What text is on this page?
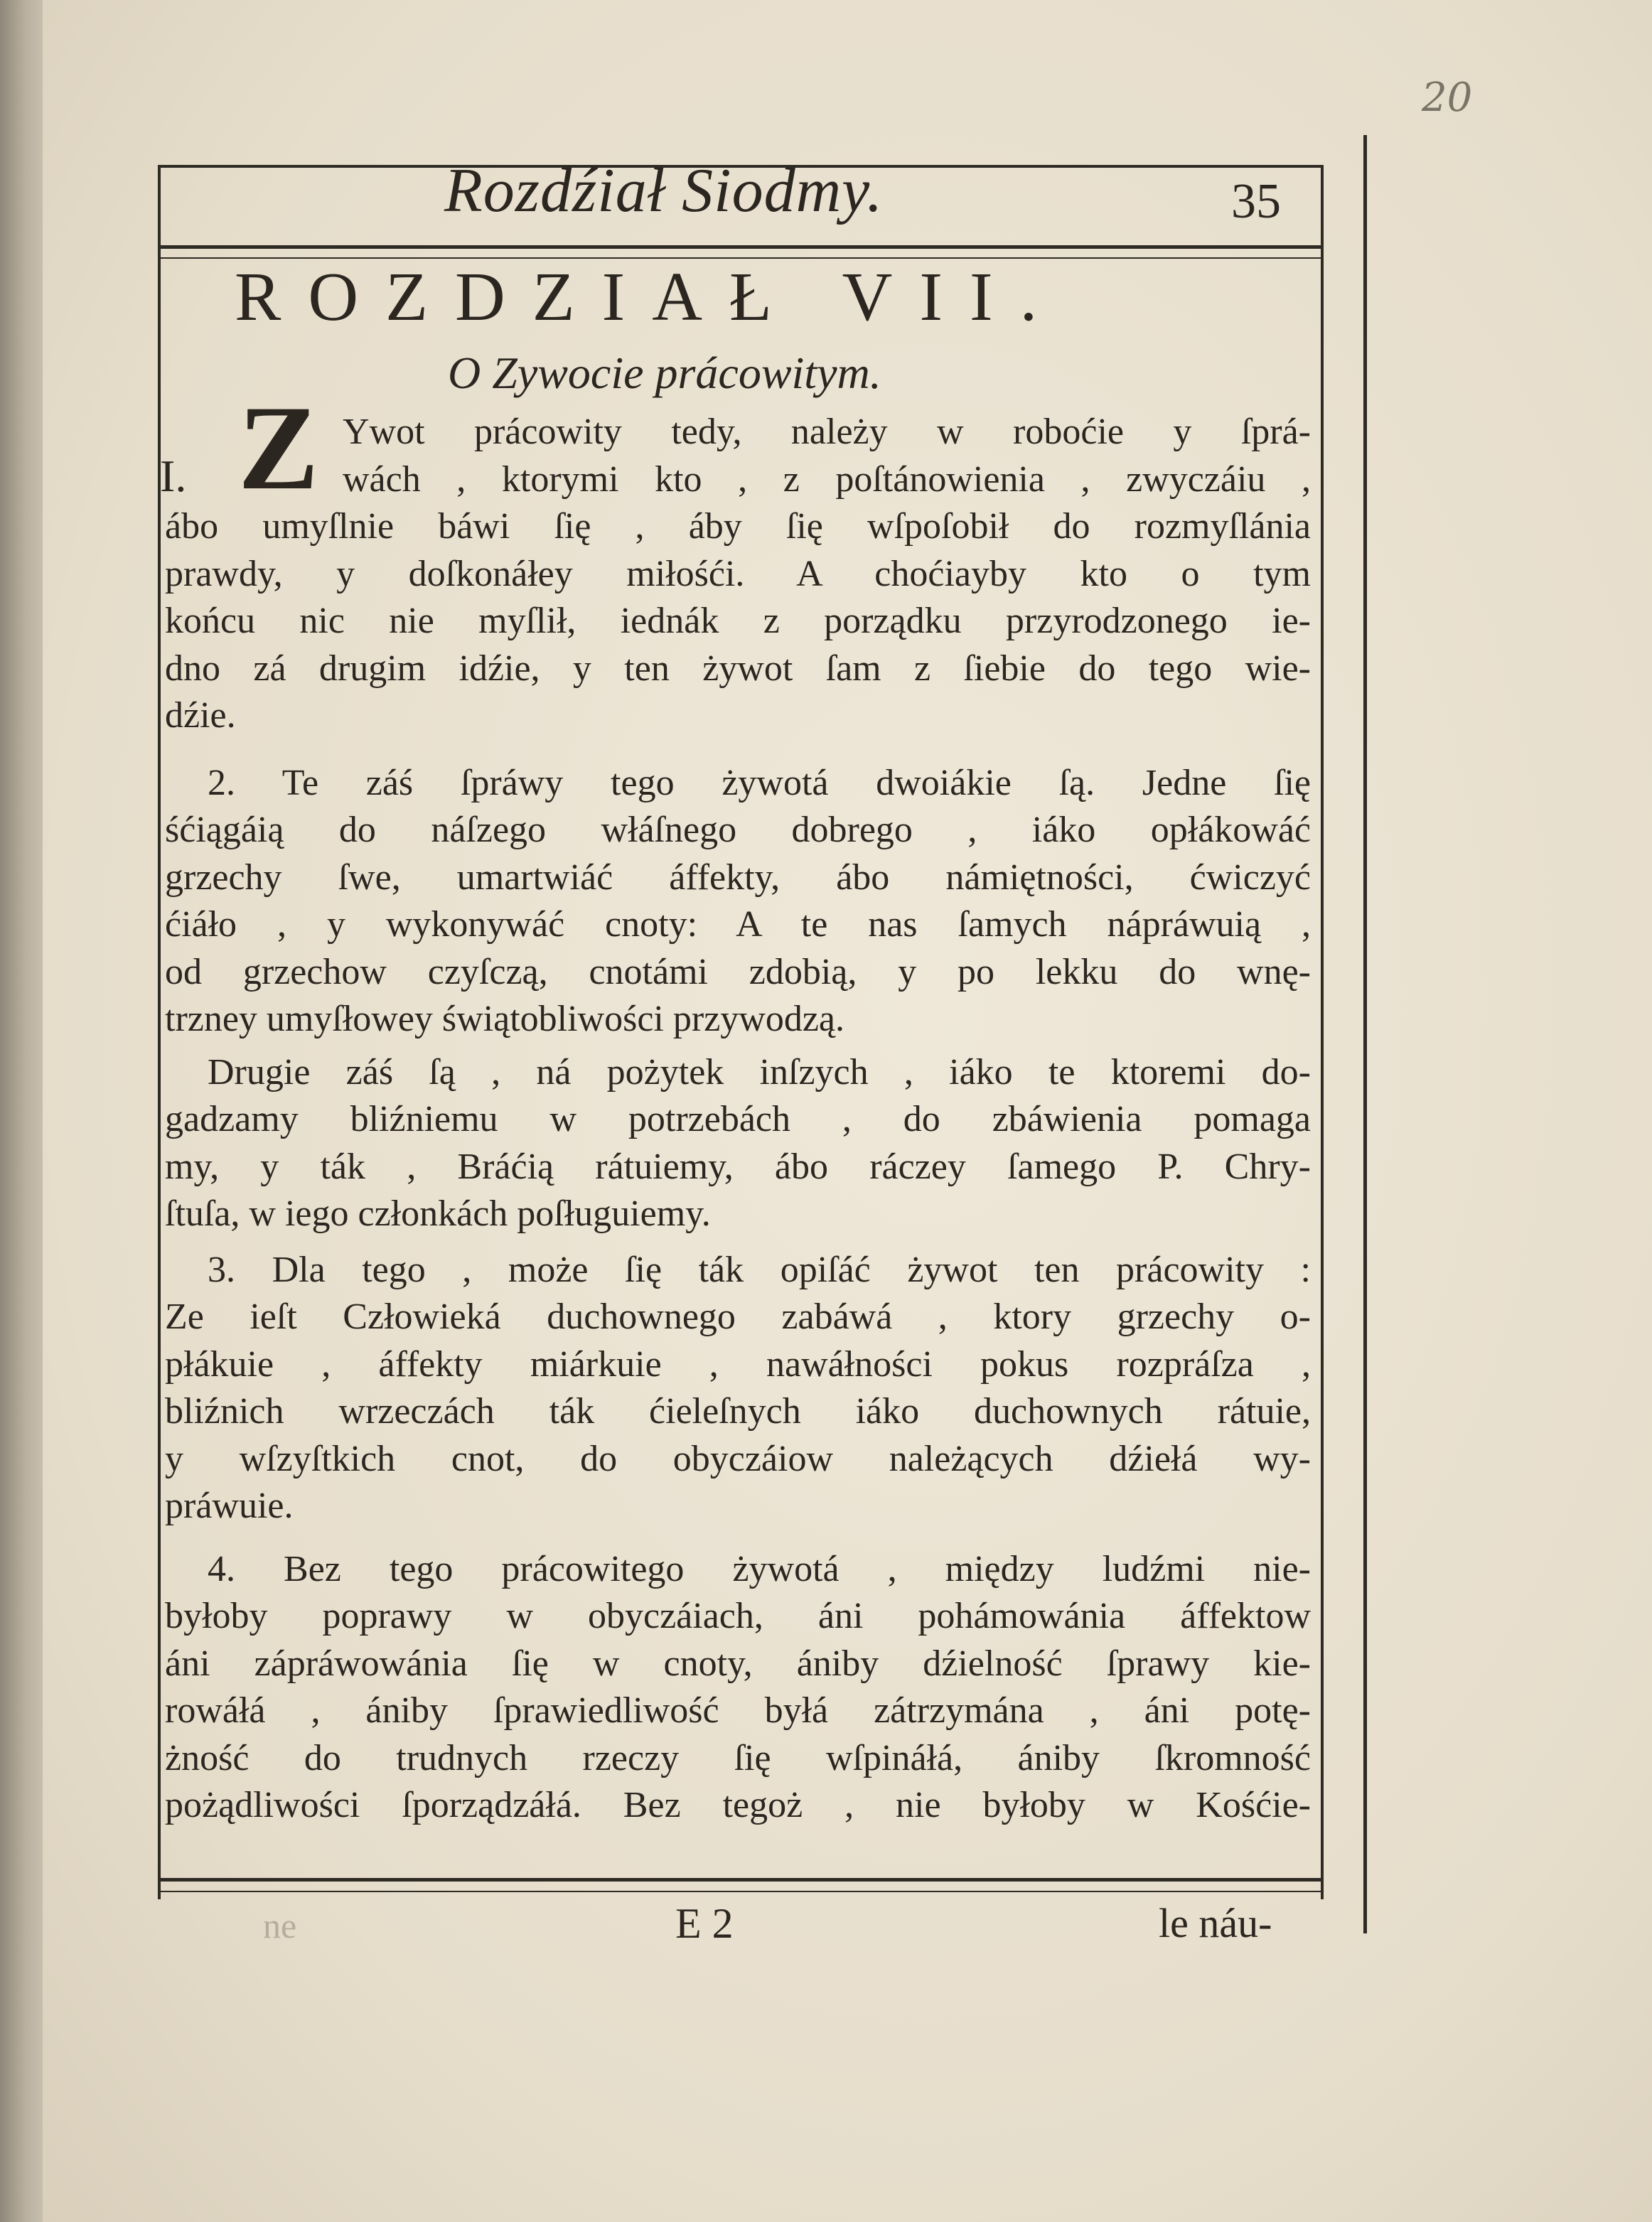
20
Rozdźiał Siodmy.	35
ROZDZIAŁ VII.
O Zywocie prácowitym.
I. Z Ywot prácowity tedy, należy w roboćie y ſprá-
wách , ktorymi kto , z poſtánowienia , zwyczáiu ,
ábo umyſlnie báwi ſię , áby ſię wſpoſobił do rozmyſlánia
prawdy, y doſkonáłey miłośći. A choćiayby kto o tym
końcu nic nie myſlił, iednák z porządku przyrodzonego ie-
dno zá drugim idźie, y ten żywot ſam z ſiebie do tego wie-
dźie.
2. Te záś ſpráwy tego żywotá dwoiákie ſą. Jedne ſię
śćiągáią do náſzego włáſnego dobrego , iáko opłákowáć
grzechy ſwe, umartwiáć áffekty, ábo námiętności, ćwiczyć
ćiáło , y wykonywáć cnoty: A te nas ſamych nápráwuią ,
od grzechow czyſczą, cnotámi zdobią, y po lekku do wnę-
trzney umyſłowey świątobliwości przywodzą.
Drugie záś ſą , ná pożytek inſzych , iáko te ktoremi do-
gadzamy bliźniemu w potrzebách , do zbáwienia pomaga
my, y ták , Bráćią rátuiemy, ábo ráczey ſamego P. Chry-
ſtuſa, w iego członkách poſługuiemy.
3. Dla tego , może ſię ták opiſáć żywot ten prácowity :
Ze ieſt Człowieká duchownego zabáwá , ktory grzechy o-
płákuie , áffekty miárkuie , nawáłności pokus rozpráſza ,
bliźnich wrzeczách ták ćieleſnych iáko duchownych rátuie,
y wſzyſtkich cnot, do obyczáiow należących dźiełá wy-
práwuie.
4. Bez tego prácowitego żywotá , między ludźmi nie-
byłoby poprawy w obyczáiach, áni pohámowánia áffektow
áni zápráwowánia ſię w cnoty, ániby dźielność ſprawy kie-
rowáłá , ániby ſprawiedliwość byłá zátrzymána , áni potę-
żność do trudnych rzeczy ſię wſpináłá, ániby ſkromność
pożądliwości ſporządzáłá. Bez tegoż , nie byłoby w Kośćie-
ne	E 2	le náu-
